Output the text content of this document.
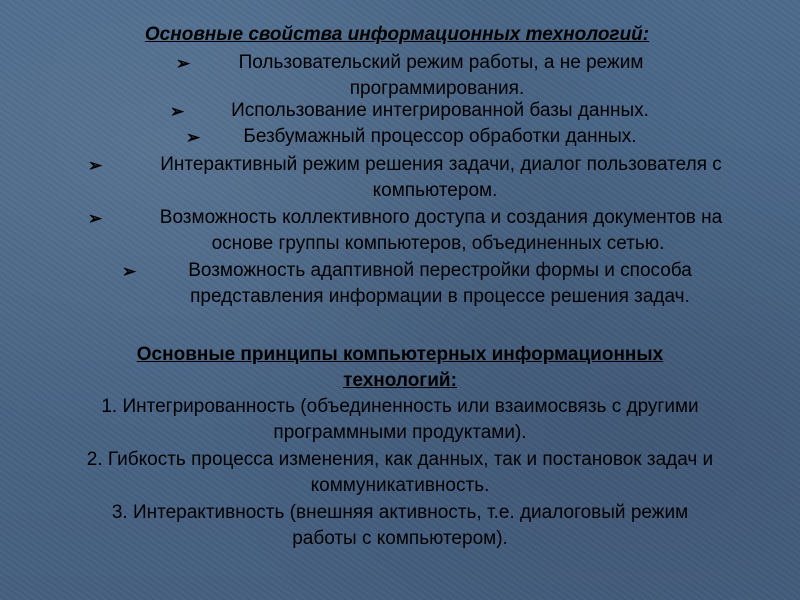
Основные свойства информационных технологий:
➢	Пользовательский режим работы, а не режим
программирования.
➢	Использование интегрированной базы данных.
➢	Безбумажный процессор обработки данных.
➢	Интерактивный режим решения задачи, диалог пользователя с
компьютером.
➢	Возможность коллективного доступа и создания документов на
основе группы компьютеров, объединенных сетью.
➢	Возможность адаптивной перестройки формы и способа
представления информации в процессе решения задач.
Основные принципы компьютерных информационных
технологий:
1. Интегрированность (объединенность или взаимосвязь с другими
программными продуктами).
2. Гибкость процесса изменения, как данных, так и постановок задач и
коммуникативность.
3. Интерактивность (внешняя активность, т.е. диалоговый режим
работы с компьютером).
